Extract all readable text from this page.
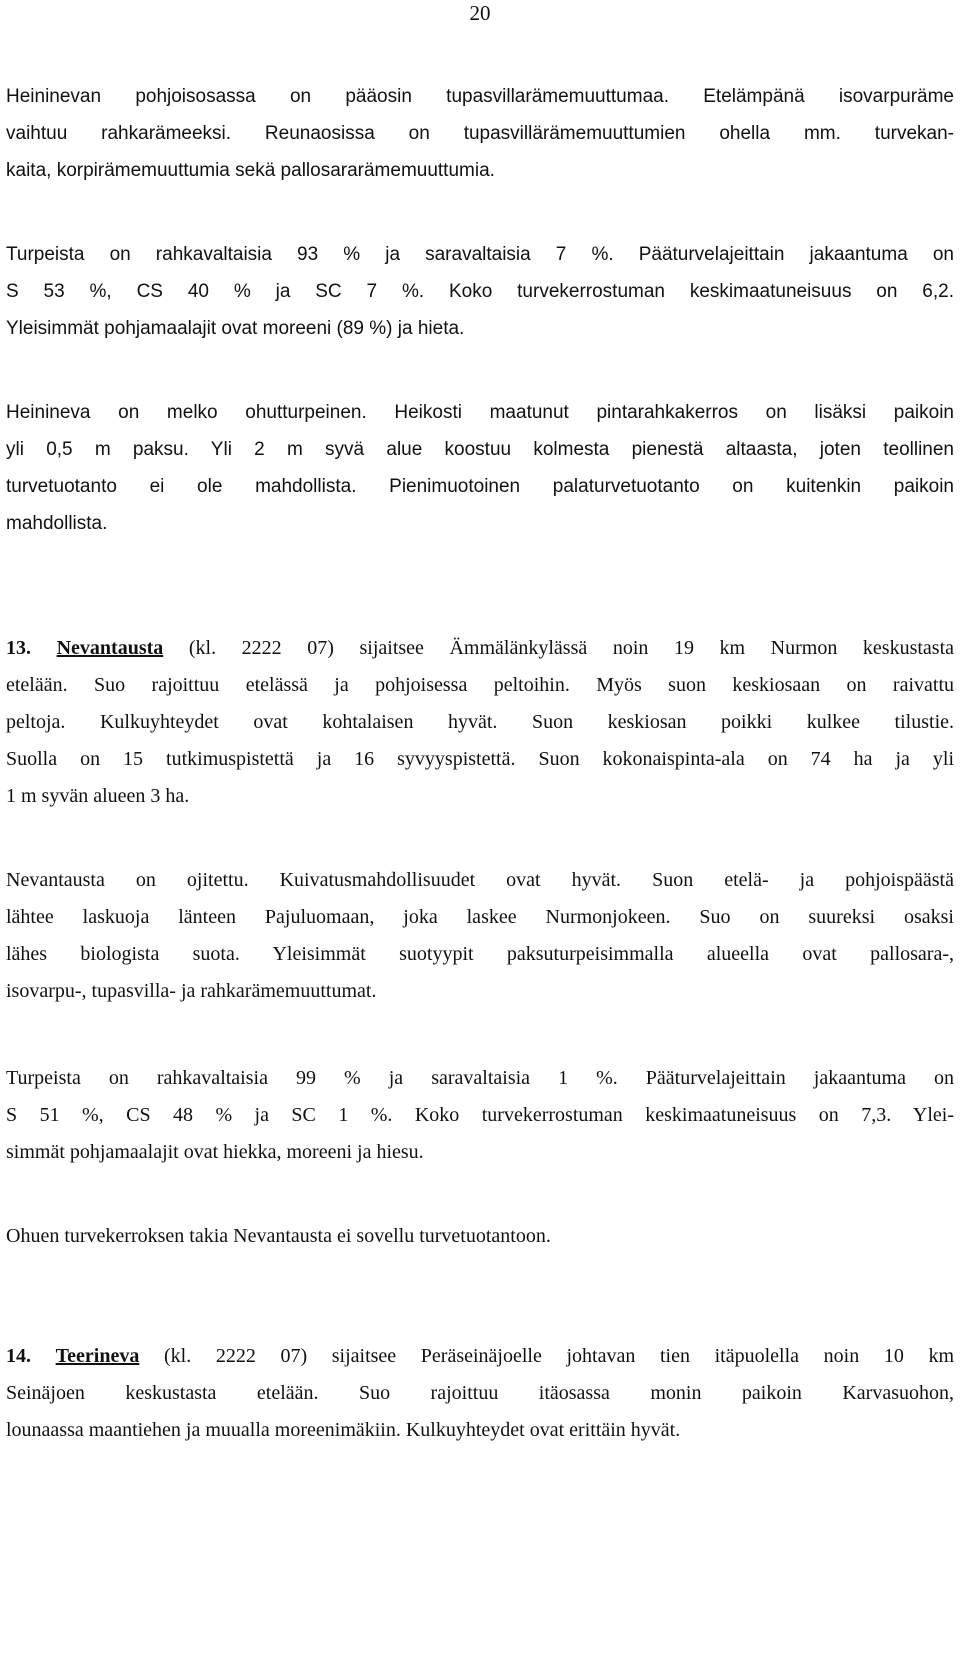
20
Heininevan pohjoisosassa on pääosin tupasvillarämemuuttumaa. Etelämpänä isovarpuräme
vaihtuu rahkarämeeksi. Reunaosissa on tupasvillärämemuuttumien ohella mm. turvekan-
kaita, korpirämemuuttumia sekä pallosararämemuuttumia.
Turpeista on rahkavaltaisia 93 % ja saravaltaisia 7 %. Pääturvelajeittain jakaantuma on
S 53 %, CS 40 % ja SC 7 %. Koko turvekerrostuman keskimaatuneisuus on 6,2.
Yleisimmät pohjamaalajit ovat moreeni (89 %) ja hieta.
Heinineva on melko ohutturpeinen. Heikosti maatunut pintarahkakerros on lisäksi paikoin
yli 0,5 m paksu. Yli 2 m syvä alue koostuu kolmesta pienestä altaasta, joten teollinen
turvetuotanto ei ole mahdollista. Pienimuotoinen palaturvetuotanto on kuitenkin paikoin
mahdollista.
13. Nevantausta (kl. 2222 07) sijaitsee Ämmälänkylässä noin 19 km Nurmon keskustasta
etelään. Suo rajoittuu etelässä ja pohjoisessa peltoihin. Myös suon keskiosaan on raivattu
peltoja. Kulkuyhteydet ovat kohtalaisen hyvät. Suon keskiosan poikki kulkee tilustie.
Suolla on 15 tutkimuspistettä ja 16 syvyyspistettä. Suon kokonaispinta-ala on 74 ha ja yli
1 m syvän alueen 3 ha.
Nevantausta on ojitettu. Kuivatusmahdollisuudet ovat hyvät. Suon etelä- ja pohjoispäästä
lähtee laskuoja länteen Pajuluomaan, joka laskee Nurmonjokeen. Suo on suureksi osaksi
lähes biologista suota. Yleisimmät suotyypit paksuturpeisimmalla alueella ovat pallosara-,
isovarpu-, tupasvilla- ja rahkarämemuuttumat.
Turpeista on rahkavaltaisia 99 % ja saravaltaisia 1 %. Pääturvelajeittain jakaantuma on
S 51 %, CS 48 % ja SC 1 %. Koko turvekerrostuman keskimaatuneisuus on 7,3. Ylei-
simmät pohjamaalajit ovat hiekka, moreeni ja hiesu.
Ohuen turvekerroksen takia Nevantausta ei sovellu turvetuotantoon.
14. Teerineva (kl. 2222 07) sijaitsee Peräseinäjoelle johtavan tien itäpuolella noin 10 km
Seinäjoen keskustasta etelään. Suo rajoittuu itäosassa monin paikoin Karvasuohon,
lounaassa maantiehen ja muualla moreenimäkiin. Kulkuyhteydet ovat erittäin hyvät.
